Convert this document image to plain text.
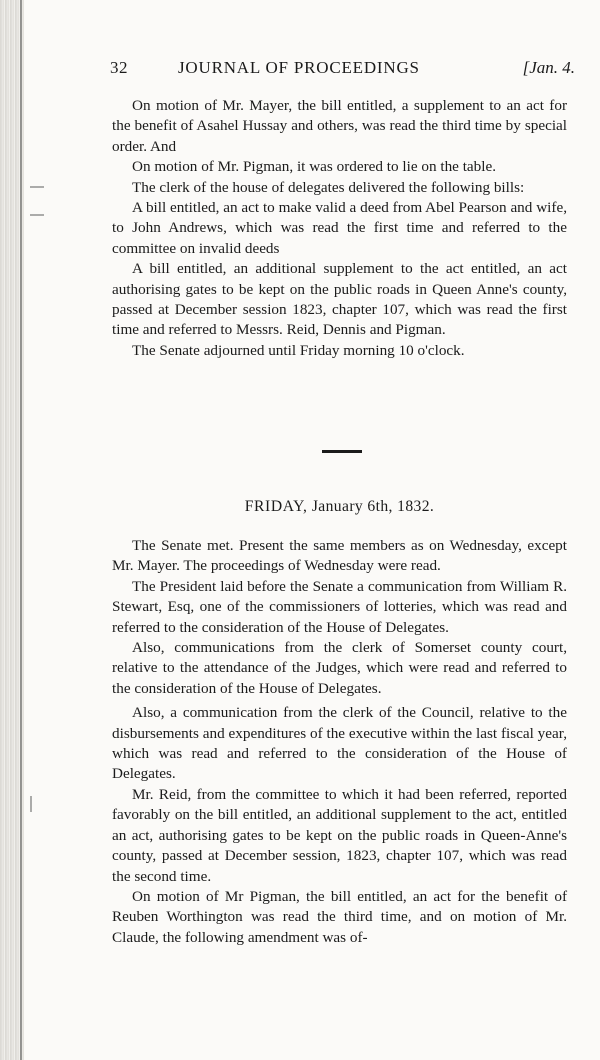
32	JOURNAL OF PROCEEDINGS	[Jan. 4.

On motion of Mr. Mayer, the bill entitled, a supplement to an act for the benefit of Asahel Hussay and others, was read the third time by special order. And

On motion of Mr. Pigman, it was ordered to lie on the table.

The clerk of the house of delegates delivered the following bills:

A bill entitled, an act to make valid a deed from Abel Pearson and wife, to John Andrews, which was read the first time and referred to the committee on invalid deeds

A bill entitled, an additional supplement to the act entitled, an act authorising gates to be kept on the public roads in Queen Anne's county, passed at December session 1823, chapter 107, which was read the first time and referred to Messrs. Reid, Dennis and Pigman.

The Senate adjourned until Friday morning 10 o'clock.

FRIDAY, January 6th, 1832.

The Senate met. Present the same members as on Wednesday, except Mr. Mayer. The proceedings of Wednesday were read.

The President laid before the Senate a communication from William R. Stewart, Esq, one of the commissioners of lotteries, which was read and referred to the consideration of the House of Delegates.

Also, communications from the clerk of Somerset county court, relative to the attendance of the Judges, which were read and referred to the consideration of the House of Delegates.

Also, a communication from the clerk of the Council, relative to the disbursements and expenditures of the executive within the last fiscal year, which was read and referred to the consideration of the House of Delegates.

Mr. Reid, from the committee to which it had been referred, reported favorably on the bill entitled, an additional supplement to the act, entitled an act, authorising gates to be kept on the public roads in Queen-Anne's county, passed at December session, 1823, chapter 107, which was read the second time.

On motion of Mr Pigman, the bill entitled, an act for the benefit of Reuben Worthington was read the third time, and on motion of Mr. Claude, the following amendment was of-
